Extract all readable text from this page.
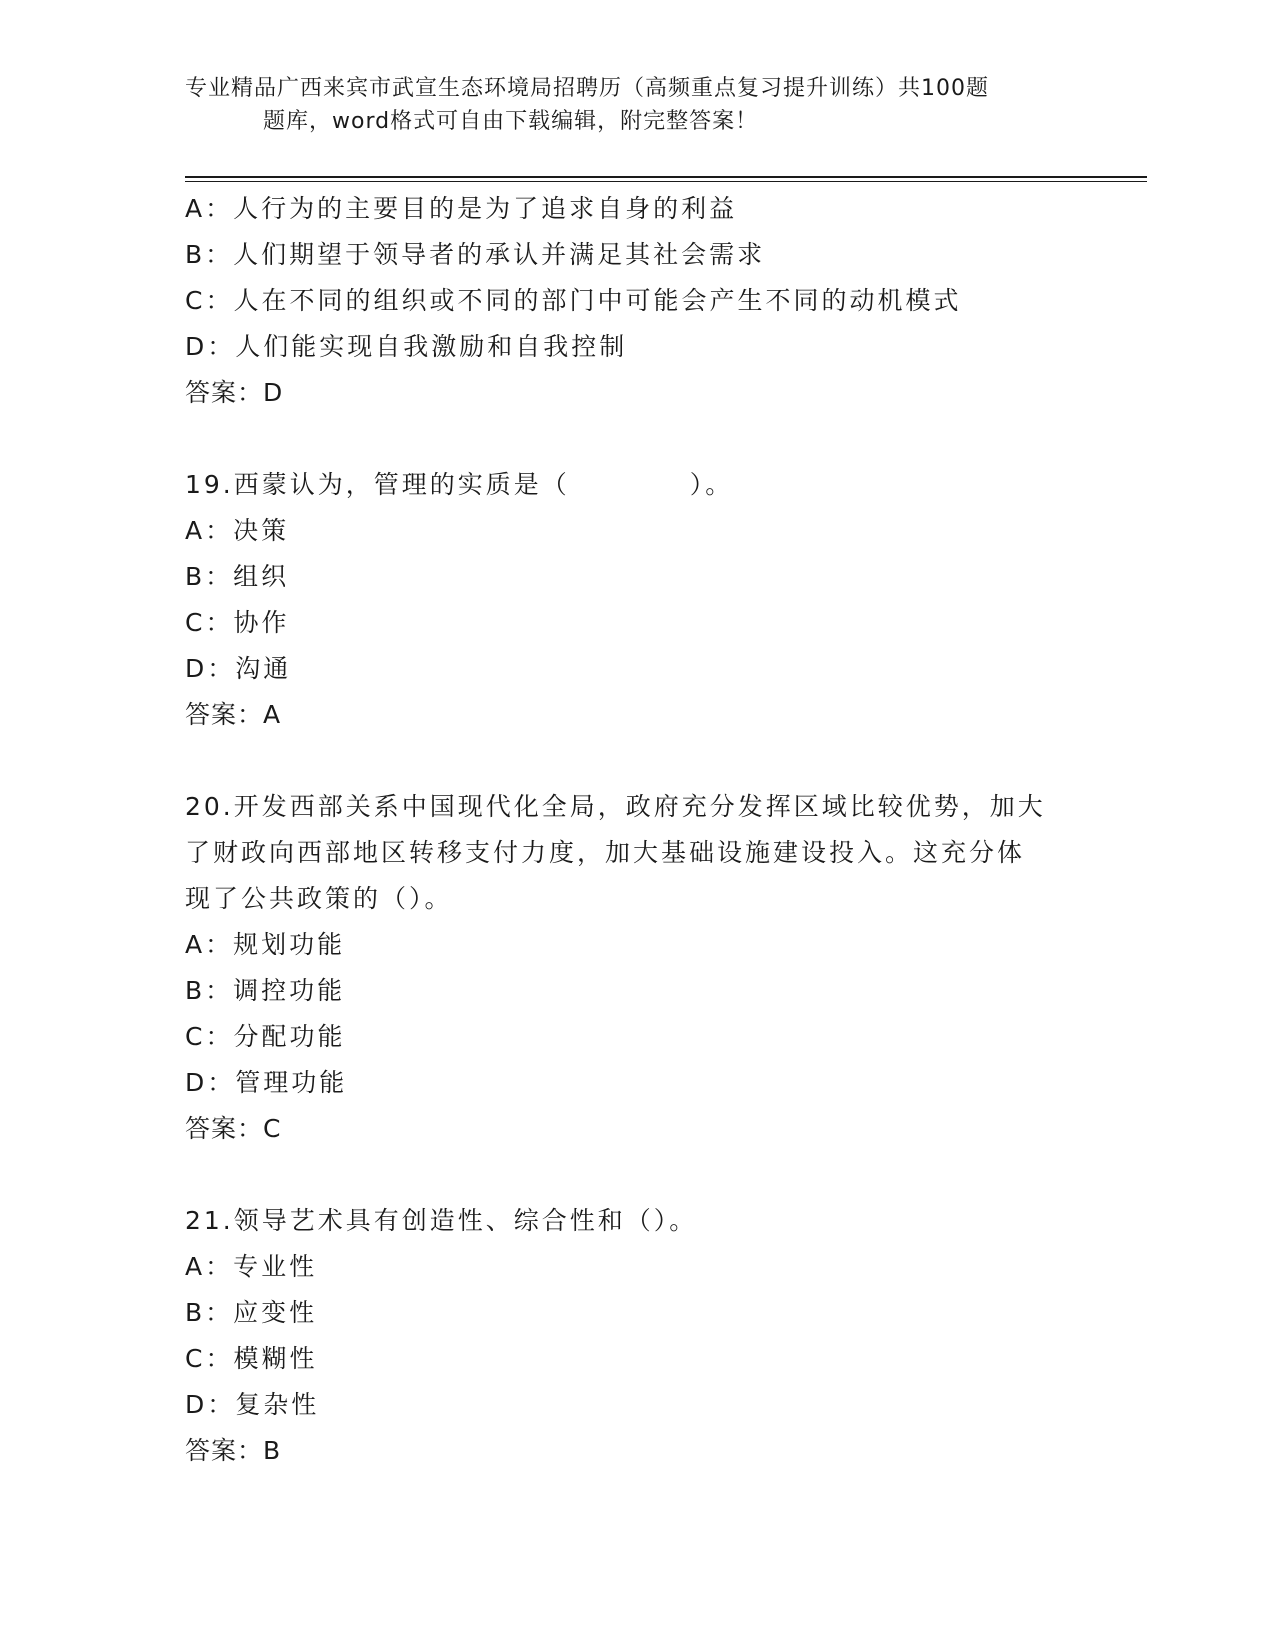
专业精品广西来宾市武宣生态环境局招聘历（高频重点复习提升训练）共100题
题库，word格式可自由下载编辑，附完整答案！
A：人行为的主要目的是为了追求自身的利益
B：人们期望于领导者的承认并满足其社会需求
C：人在不同的组织或不同的部门中可能会产生不同的动机模式
D：人们能实现自我激励和自我控制
答案：D
19.西蒙认为，管理的实质是（	）。
A：决策
B：组织
C：协作
D：沟通
答案：A
20.开发西部关系中国现代化全局，政府充分发挥区域比较优势，加大
了财政向西部地区转移支付力度，加大基础设施建设投入。这充分体
现了公共政策的（）。
A：规划功能
B：调控功能
C：分配功能
D：管理功能
答案：C
21.领导艺术具有创造性、综合性和（）。
A：专业性
B：应变性
C：模糊性
D：复杂性
答案：B
